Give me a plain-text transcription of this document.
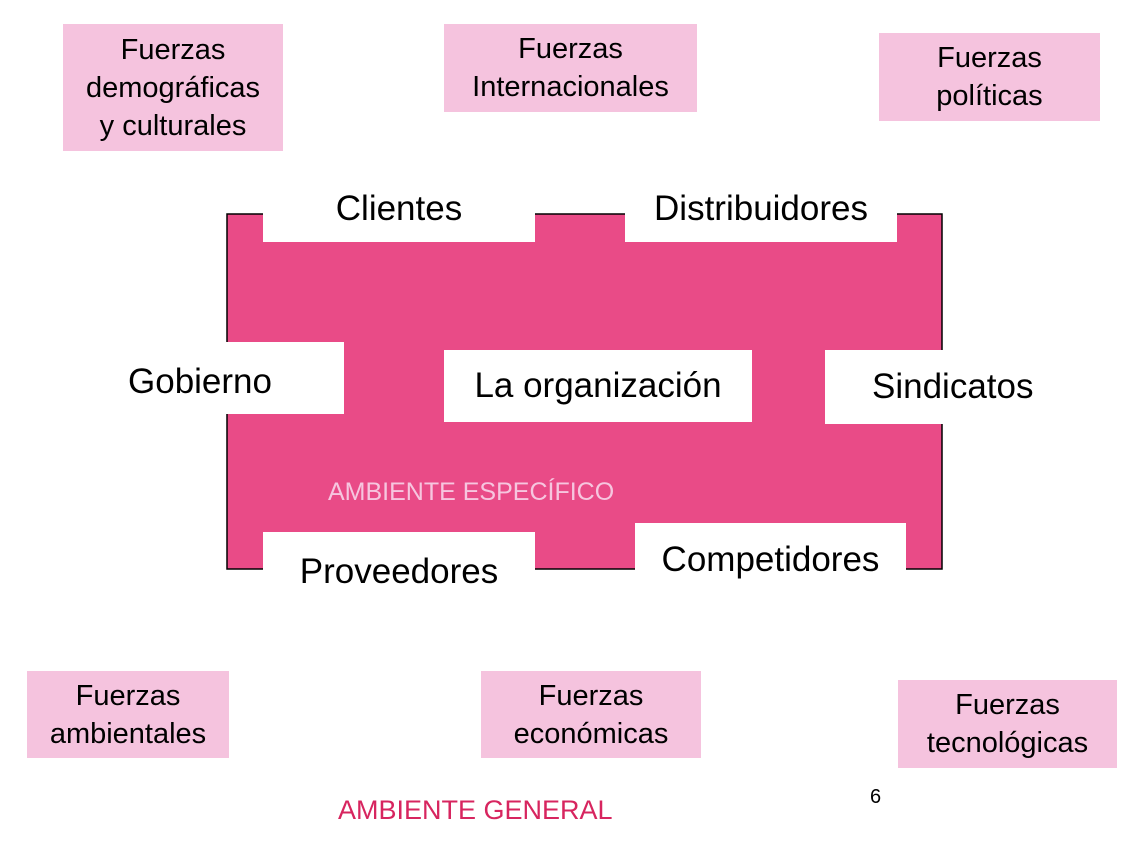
Fuerzas
demográficas
y culturales
Fuerzas
Internacionales
Fuerzas
políticas
Fuerzas
ambientales
Fuerzas
económicas
Fuerzas
tecnológicas
Clientes	Distribuidores
Gobierno	La organización	Sindicatos
Proveedores	Competidores
AMBIENTE ESPECÍFICO
AMBIENTE GENERAL	6
